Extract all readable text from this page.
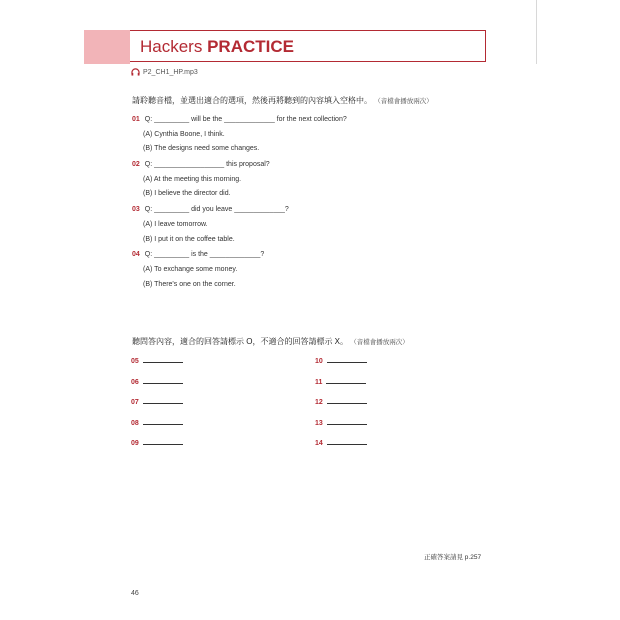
Hackers PRACTICE
P2_CH1_HP.mp3
請聆聽音檔，並選出適合的選項，然後再將聽到的內容填入空格中。 （音檔會播放兩次）
01 Q: _________ will be the _____________ for the next collection?
(A) Cynthia Boone, I think.
(B) The designs need some changes.
02 Q: __________________ this proposal?
(A) At the meeting this morning.
(B) I believe the director did.
03 Q: _________ did you leave _____________?
(A) I leave tomorrow.
(B) I put it on the coffee table.
04 Q: _________ is the _____________?
(A) To exchange some money.
(B) There's one on the corner.
聽問答內容，適合的回答請標示 O，不適合的回答請標示 X。 （音檔會播放兩次）
05
06
07
08
09
10
11
12
13
14
正確答案請見 p.257
46
